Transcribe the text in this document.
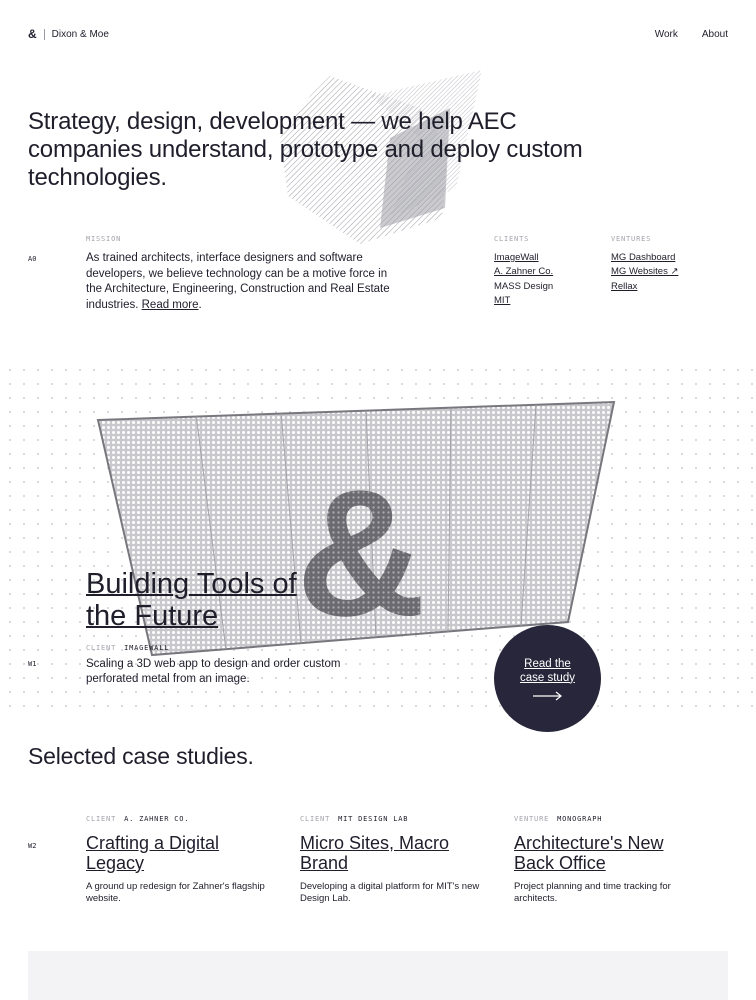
& Dixon & Moe	Work About
Strategy, design, development — we help AEC companies understand, prototype and deploy custom technologies.
A0
MISSION

As trained architects, interface designers and software developers, we believe technology can be a motive force in the Architecture, Engineering, Construction and Real Estate industries. Read more.

CLIENTS
ImageWall
A. Zahner Co.
MASS Design
MIT
VENTURES
MG Dashboard
MG Websites ↗
Rellax
&
W1
Building Tools of
the Future
CLIENT IMAGEWALL
Scaling a 3D web app to design and order custom perforated metal from an image.
Read the
case study
Selected case studies.
W2
CLIENT A. ZAHNER CO.
Crafting a Digital Legacy
A ground up redesign for Zahner's flagship website.
CLIENT MIT DESIGN LAB
Micro Sites, Macro Brand
Developing a digital platform for MIT's new Design Lab.
VENTURE MONOGRAPH
Architecture's New Back Office
Project planning and time tracking for architects.
